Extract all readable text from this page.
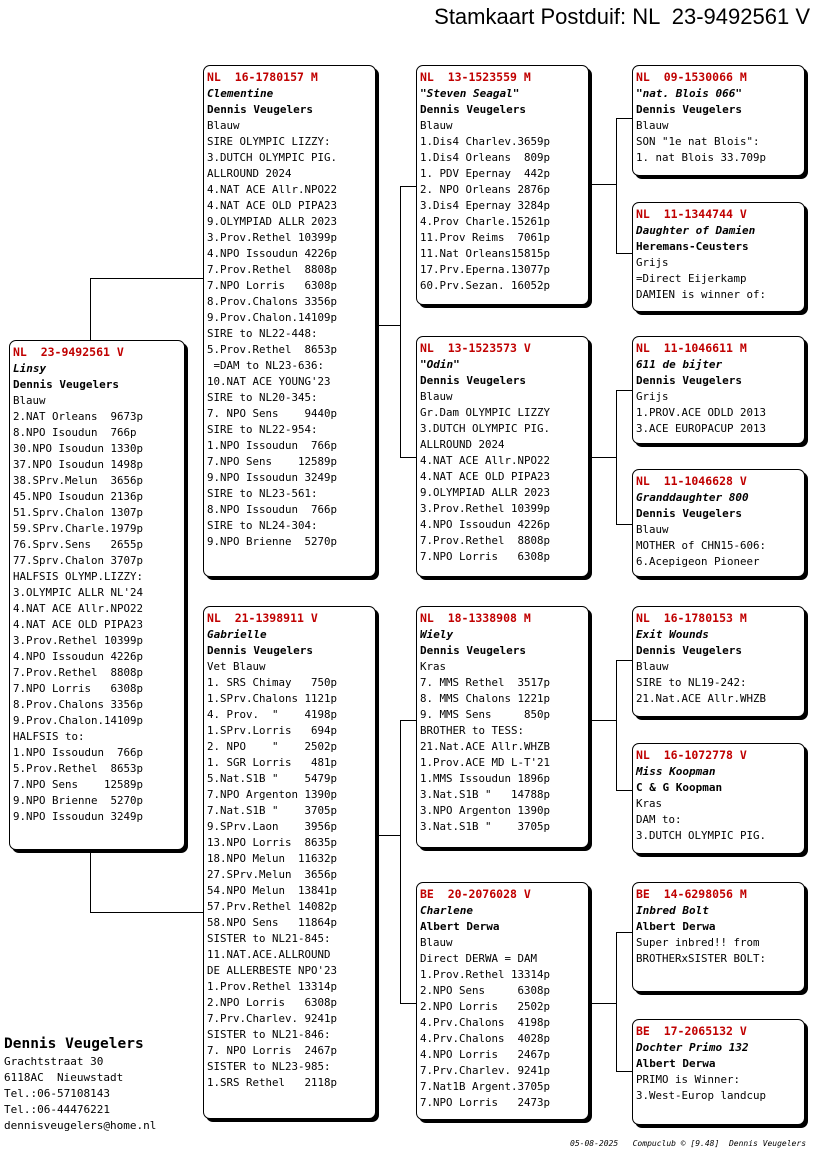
Stamkaart Postduif: NL  23-9492561 V
NL  23-9492561 V
Linsy
Dennis Veugelers
Blauw
2.NAT Orleans  9673p
8.NPO Isoudun  766p
30.NPO Isoudun 1330p
37.NPO Isoudun 1498p
38.SPrv.Melun  3656p
45.NPO Isoudun 2136p
51.Sprv.Chalon 1307p
59.SPrv.Charle.1979p
76.Sprv.Sens   2655p
77.Sprv.Chalon 3707p
HALFSIS OLYMP.LIZZY:
3.OLYMPIC ALLR NL'24
4.NAT ACE Allr.NPO22
4.NAT ACE OLD PIPA23
3.Prov.Rethel 10399p
4.NPO Issoudun 4226p
7.Prov.Rethel  8808p
7.NPO Lorris   6308p
8.Prov.Chalons 3356p
9.Prov.Chalon.14109p
HALFSIS to:
1.NPO Issoudun  766p
5.Prov.Rethel  8653p
7.NPO Sens    12589p
9.NPO Brienne  5270p
9.NPO Issoudun 3249p
NL  16-1780157 M
Clementine
Dennis Veugelers
Blauw
SIRE OLYMPIC LIZZY:
3.DUTCH OLYMPIC PIG.
ALLROUND 2024
4.NAT ACE Allr.NPO22
4.NAT ACE OLD PIPA23
9.OLYMPIAD ALLR 2023
3.Prov.Rethel 10399p
4.NPO Issoudun 4226p
7.Prov.Rethel  8808p
7.NPO Lorris   6308p
8.Prov.Chalons 3356p
9.Prov.Chalon.14109p
SIRE to NL22-448:
5.Prov.Rethel  8653p
=DAM to NL23-636:
10.NAT ACE YOUNG'23
SIRE to NL20-345:
7. NPO Sens    9440p
SIRE to NL22-954:
1.NPO Issoudun  766p
7.NPO Sens    12589p
9.NPO Issoudun 3249p
SIRE to NL23-561:
8.NPO Issoudun  766p
SIRE to NL24-304:
9.NPO Brienne  5270p
NL  21-1398911 V
Gabrielle
Dennis Veugelers
Vet Blauw
1. SRS Chimay   750p
1.SPrv.Chalons 1121p
4. Prov.  "    4198p
1.SPrv.Lorris   694p
2. NPO    "    2502p
1. SGR Lorris   481p
5.Nat.S1B "    5479p
7.NPO Argenton 1390p
7.Nat.S1B "    3705p
9.SPrv.Laon    3956p
13.NPO Lorris  8635p
18.NPO Melun  11632p
27.SPrv.Melun  3656p
54.NPO Melun  13841p
57.Prv.Rethel 14082p
58.NPO Sens   11864p
SISTER to NL21-845:
11.NAT.ACE.ALLROUND
DE ALLERBESTE NPO'23
1.Prov.Rethel 13314p
2.NPO Lorris   6308p
7.Prv.Charlev. 9241p
SISTER to NL21-846:
7. NPO Lorris  2467p
SISTER to NL23-985:
1.SRS Rethel   2118p
NL  13-1523559 M
"Steven Seagal"
Dennis Veugelers
Blauw
1.Dis4 Charlev.3659p
1.Dis4 Orleans  809p
1. PDV Epernay  442p
2. NPO Orleans 2876p
3.Dis4 Epernay 3284p
4.Prov Charle.15261p
11.Prov Reims  7061p
11.Nat Orleans15815p
17.Prv.Eperna.13077p
60.Prv.Sezan. 16052p
NL  13-1523573 V
"Odin"
Dennis Veugelers
Blauw
Gr.Dam OLYMPIC LIZZY
3.DUTCH OLYMPIC PIG.
ALLROUND 2024
4.NAT ACE Allr.NPO22
4.NAT ACE OLD PIPA23
9.OLYMPIAD ALLR 2023
3.Prov.Rethel 10399p
4.NPO Issoudun 4226p
7.Prov.Rethel  8808p
7.NPO Lorris   6308p
NL  18-1338908 M
Wiely
Dennis Veugelers
Kras
7. MMS Rethel  3517p
8. MMS Chalons 1221p
9. MMS Sens     850p
BROTHER to TESS:
21.Nat.ACE Allr.WHZB
1.Prov.ACE MD L-T'21
1.MMS Issoudun 1896p
3.Nat.S1B "   14788p
3.NPO Argenton 1390p
3.Nat.S1B "    3705p
BE  20-2076028 V
Charlene
Albert Derwa
Blauw
Direct DERWA = DAM
1.Prov.Rethel 13314p
2.NPO Sens     6308p
2.NPO Lorris   2502p
4.Prv.Chalons  4198p
4.Prv.Chalons  4028p
4.NPO Lorris   2467p
7.Prv.Charlev. 9241p
7.Nat1B Argent.3705p
7.NPO Lorris   2473p
NL  09-1530066 M
"nat. Blois 066"
Dennis Veugelers
Blauw
SON "1e nat Blois":
1. nat Blois 33.709p
NL  11-1344744 V
Daughter of Damien
Heremans-Ceusters
Grijs
=Direct Eijerkamp
DAMIEN is winner of:
NL  11-1046611 M
611 de bijter
Dennis Veugelers
Grijs
1.PROV.ACE ODLD 2013
3.ACE EUROPACUP 2013
NL  11-1046628 V
Granddaughter 800
Dennis Veugelers
Blauw
MOTHER of CHN15-606:
6.Acepigeon Pioneer
NL  16-1780153 M
Exit Wounds
Dennis Veugelers
Blauw
SIRE to NL19-242:
21.Nat.ACE Allr.WHZB
NL  16-1072778 V
Miss Koopman
C & G Koopman
Kras
DAM to:
3.DUTCH OLYMPIC PIG.
BE  14-6298056 M
Inbred Bolt
Albert Derwa
Super inbred!! from
BROTHERxSISTER BOLT:
BE  17-2065132 V
Dochter Primo 132
Albert Derwa
PRIMO is Winner:
3.West-Europ landcup
Dennis Veugelers
Grachtstraat 30
6118AC  Nieuwstadt
Tel.:06-57108143
Tel.:06-44476221
dennisveugelers@home.nl
05-08-2025   Compuclub © [9.48]  Dennis Veugelers
